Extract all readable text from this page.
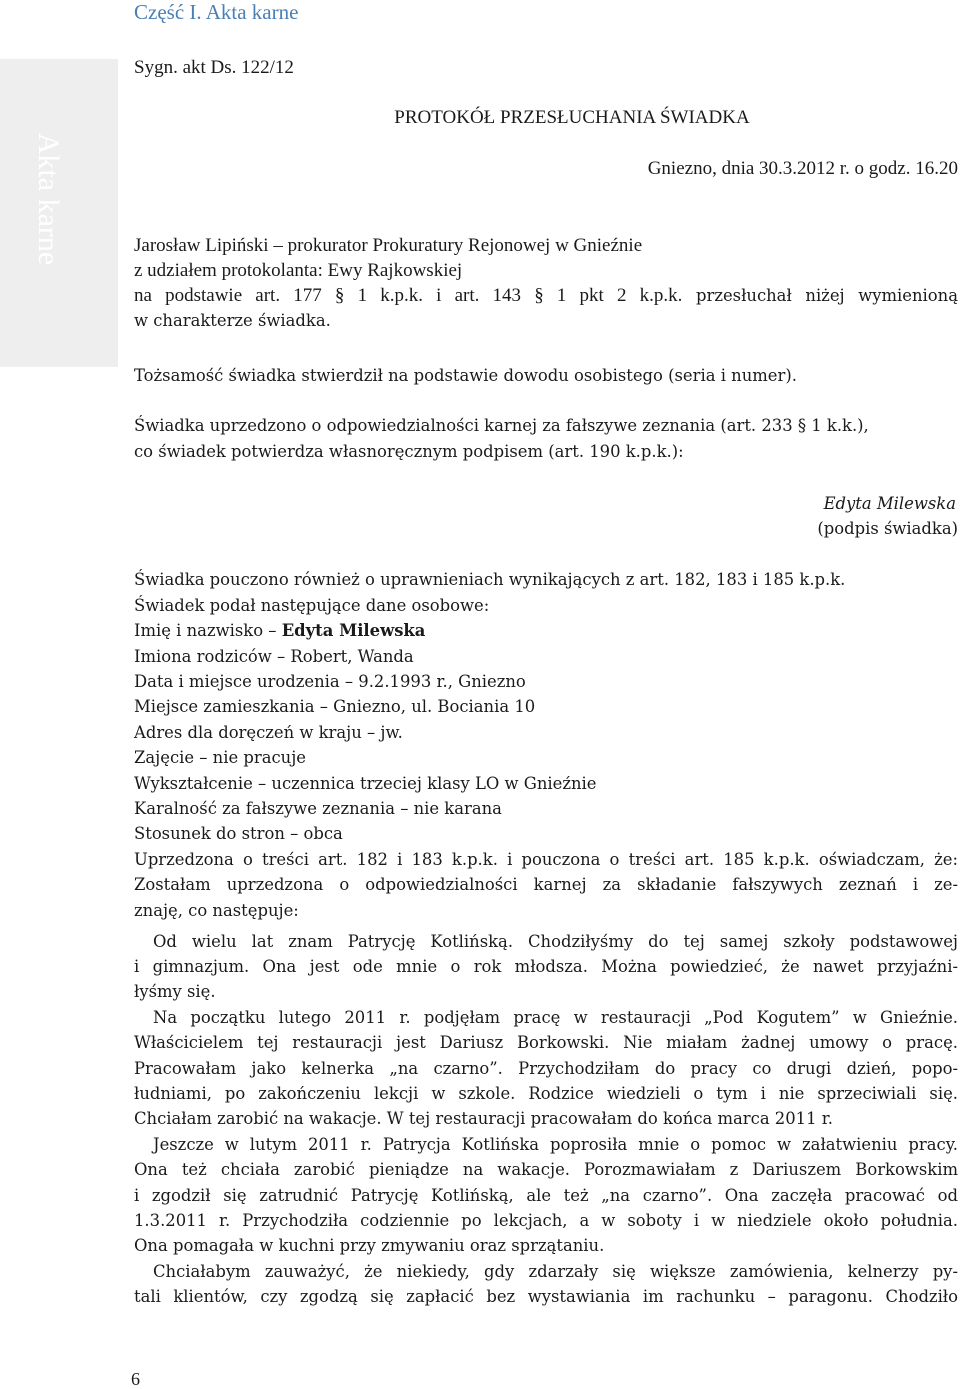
Część I. Akta karne
Akta karne
Sygn. akt Ds. 122/12
PROTOKÓŁ PRZESŁUCHANIA ŚWIADKA
Gniezno, dnia 30.3.2012 r. o godz. 16.20
Jarosław Lipiński – prokurator Prokuratury Rejonowej w Gnieźnie
z udziałem protokolanta: Ewy Rajkowskiej
na podstawie art. 177 § 1 k.p.k. i art. 143 § 1 pkt 2 k.p.k. przesłuchał niżej wymienioną
w charakterze świadka.
Tożsamość świadka stwierdził na podstawie dowodu osobistego (seria i numer).
Świadka uprzedzono o odpowiedzialności karnej za fałszywe zeznania (art. 233 § 1 k.k.),
co świadek potwierdza własnoręcznym podpisem (art. 190 k.p.k.):
Edyta Milewska
(podpis świadka)
Świadka pouczono również o uprawnieniach wynikających z art. 182, 183 i 185 k.p.k.
Świadek podał następujące dane osobowe:
Imię i nazwisko – Edyta Milewska
Imiona rodziców – Robert, Wanda
Data i miejsce urodzenia – 9.2.1993 r., Gniezno
Miejsce zamieszkania – Gniezno, ul. Bociania 10
Adres dla doręczeń w kraju – jw.
Zajęcie – nie pracuje
Wykształcenie – uczennica trzeciej klasy LO w Gnieźnie
Karalność za fałszywe zeznania – nie karana
Stosunek do stron – obca
Uprzedzona o treści art. 182 i 183 k.p.k. i pouczona o treści art. 185 k.p.k. oświadczam, że:
Zostałam uprzedzona o odpowiedzialności karnej za składanie fałszywych zeznań i ze-
znaję, co następuje:
Od wielu lat znam Patrycję Kotlińską. Chodziłyśmy do tej samej szkoły podstawowej
i gimnazjum. Ona jest ode mnie o rok młodsza. Można powiedzieć, że nawet przyjaźni-
łyśmy się.
Na początku lutego 2011 r. podjęłam pracę w restauracji „Pod Kogutem” w Gnieźnie.
Właścicielem tej restauracji jest Dariusz Borkowski. Nie miałam żadnej umowy o pracę.
Pracowałam jako kelnerka „na czarno”. Przychodziłam do pracy co drugi dzień, popo-
łudniami, po zakończeniu lekcji w szkole. Rodzice wiedzieli o tym i nie sprzeciwiali się.
Chciałam zarobić na wakacje. W tej restauracji pracowałam do końca marca 2011 r.
Jeszcze w lutym 2011 r. Patrycja Kotlińska poprosiła mnie o pomoc w załatwieniu pracy.
Ona też chciała zarobić pieniądze na wakacje. Porozmawiałam z Dariuszem Borkowskim
i zgodził się zatrudnić Patrycję Kotlińską, ale też „na czarno”. Ona zaczęła pracować od
1.3.2011 r. Przychodziła codziennie po lekcjach, a w soboty i w niedziele około południa.
Ona pomagała w kuchni przy zmywaniu oraz sprzątaniu.
Chciałabym zauważyć, że niekiedy, gdy zdarzały się większe zamówienia, kelnerzy py-
tali klientów, czy zgodzą się zapłacić bez wystawiania im rachunku – paragonu. Chodziło
6
